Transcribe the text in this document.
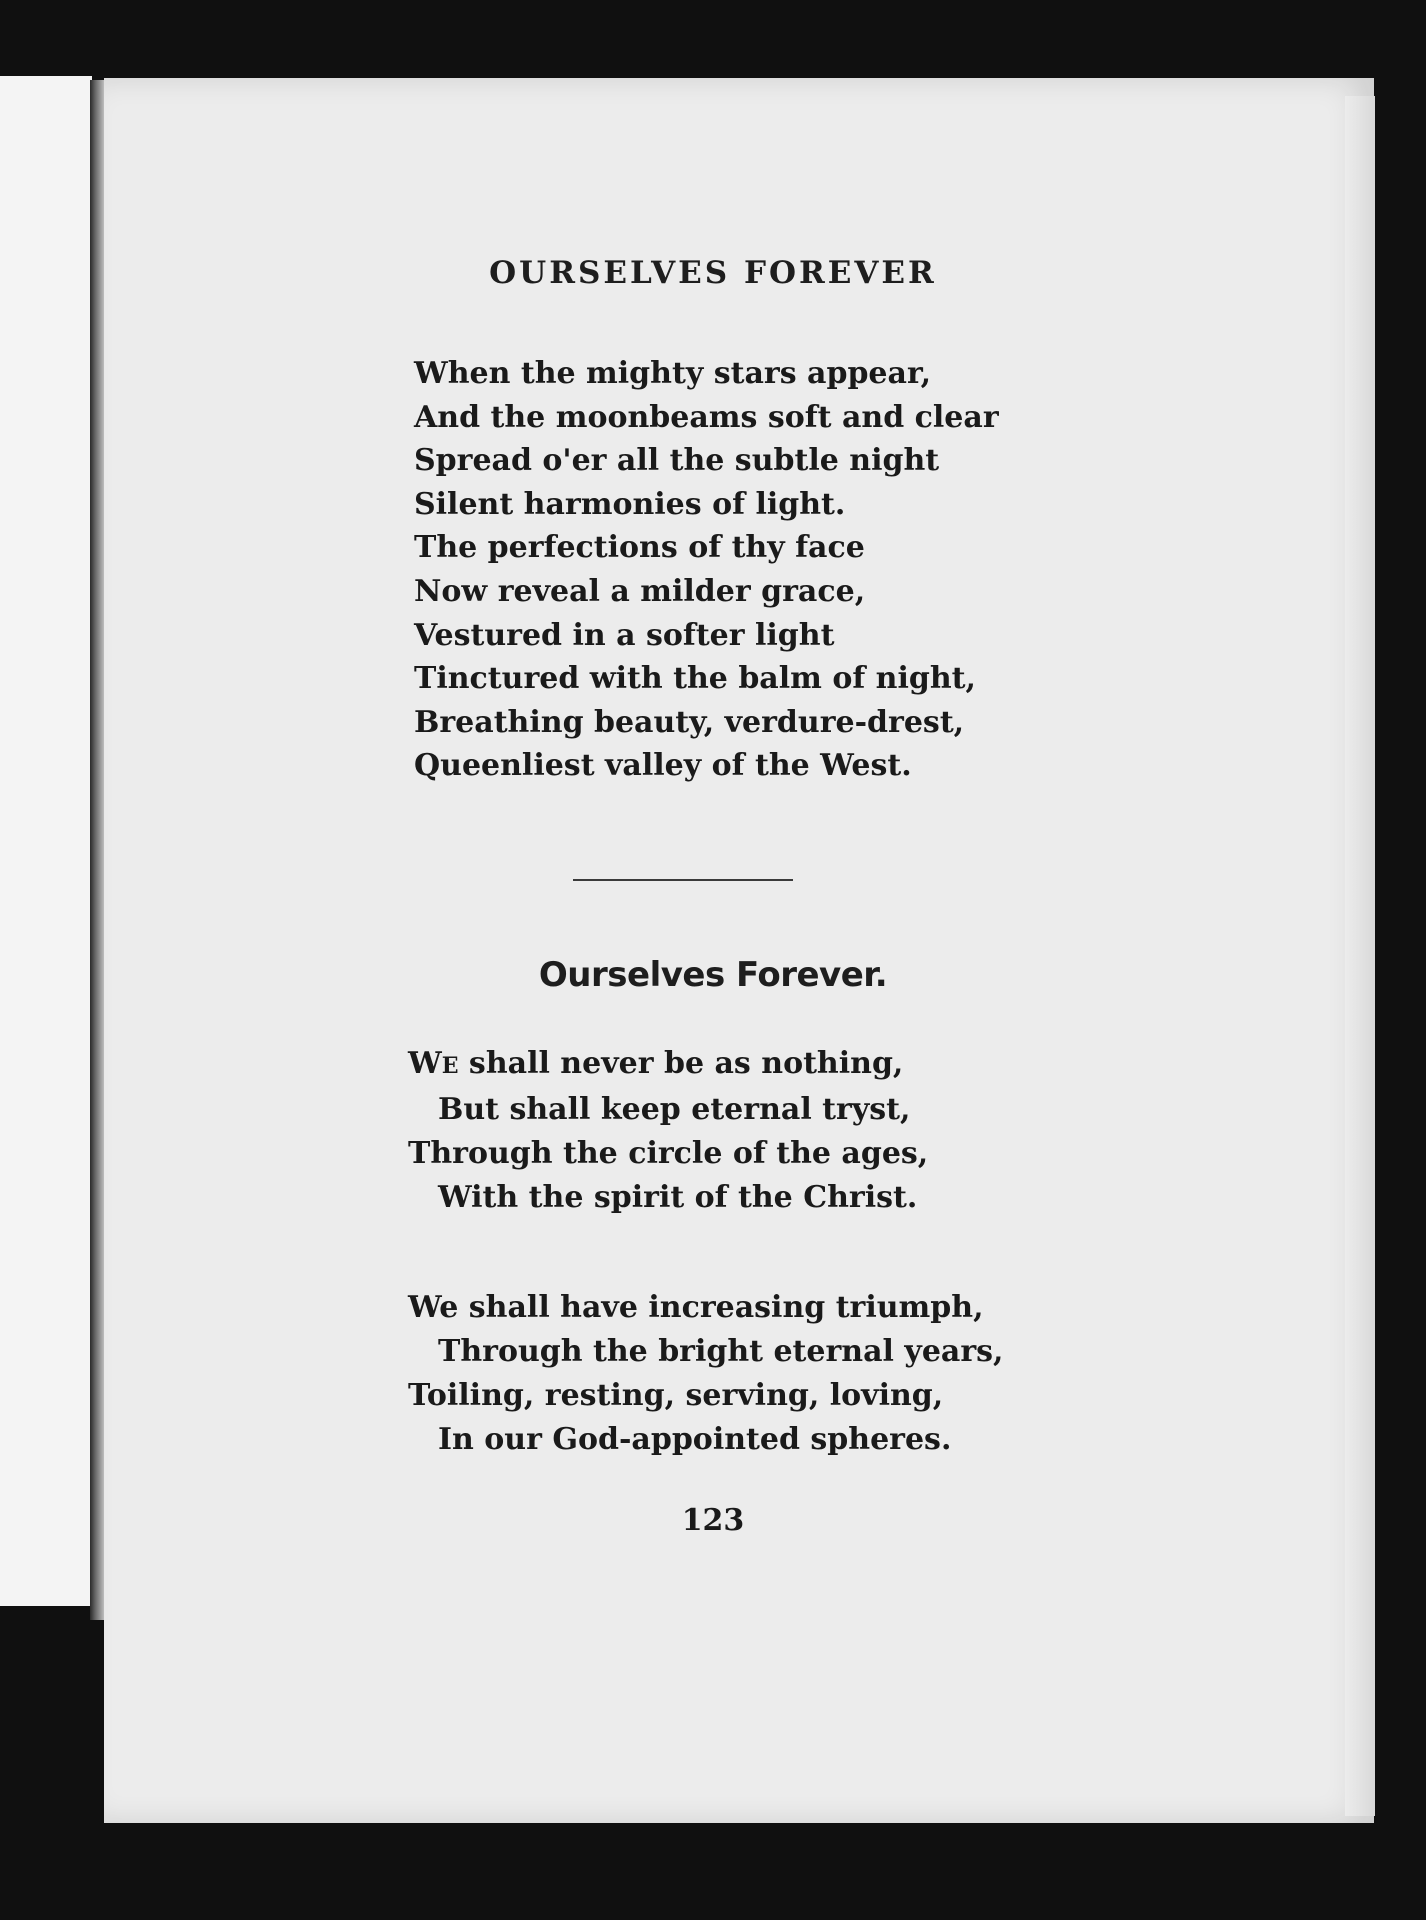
OURSELVES FOREVER
When the mighty stars appear,
And the moonbeams soft and clear
Spread o'er all the subtle night
Silent harmonies of light.
The perfections of thy face
Now reveal a milder grace,
Vestured in a softer light
Tinctured with the balm of night,
Breathing beauty, verdure-drest,
Queenliest valley of the West.
Ourselves Forever.
WE shall never be as nothing,
But shall keep eternal tryst,
Through the circle of the ages,
With the spirit of the Christ.
We shall have increasing triumph,
Through the bright eternal years,
Toiling, resting, serving, loving,
In our God-appointed spheres.
123
